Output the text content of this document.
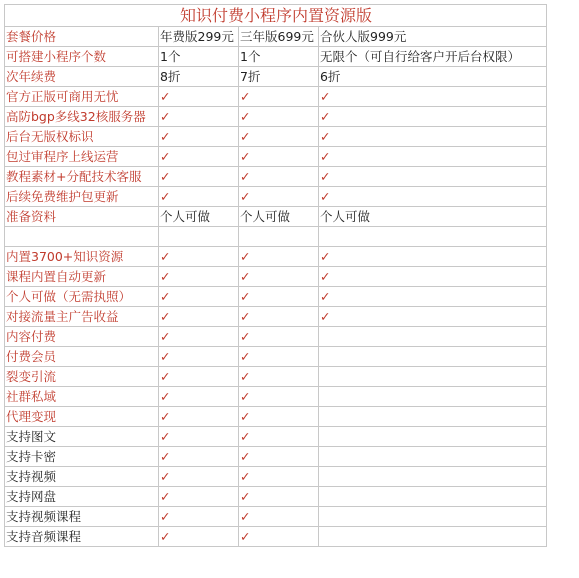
知识付费小程序内置资源版			
套餐价格	年费版299元	三年版699元	合伙人版999元
可搭建小程序个数	1个	1个	无限个（可自行给客户开后台权限）
次年续费	8折	7折	6折
官方正版可商用无忧	✓	✓	✓
高防bgp多线32核服务器	✓	✓	✓
后台无版权标识	✓	✓	✓
包过审程序上线运营	✓	✓	✓
教程素材+分配技术客服	✓	✓	✓
后续免费维护包更新	✓	✓	✓
准备资料	个人可做	个人可做	个人可做

内置3700+知识资源	✓	✓	✓
课程内置自动更新	✓	✓	✓
个人可做（无需执照）	✓	✓	✓
对接流量主广告收益	✓	✓	✓
内容付费	✓	✓	
付费会员	✓	✓	
裂变引流	✓	✓	
社群私域	✓	✓	
代理变现	✓	✓	
支持图文	✓	✓	
支持卡密	✓	✓	
支持视频	✓	✓	
支持网盘	✓	✓	
支持视频课程	✓	✓	
支持音频课程	✓	✓	
